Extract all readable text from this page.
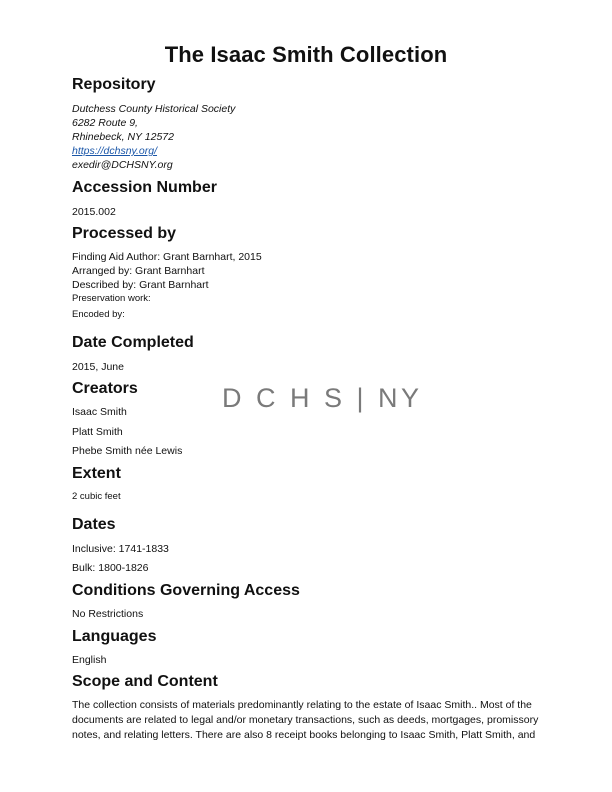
The Isaac Smith Collection
Repository
Dutchess County Historical Society
6282 Route 9,
Rhinebeck, NY 12572
https://dchsny.org/
exedir@DCHSNY.org
Accession Number
2015.002
Processed by
Finding Aid Author: Grant Barnhart, 2015
Arranged by: Grant Barnhart
Described by: Grant Barnhart
Preservation work:
Encoded by:
Date Completed
2015, June
Creators
Isaac Smith
Platt Smith
Phebe Smith née Lewis
D C H S | NY
Extent
2 cubic feet
Dates
Inclusive: 1741-1833
Bulk: 1800-1826
Conditions Governing Access
No Restrictions
Languages
English
Scope and Content
The collection consists of materials predominantly relating to the estate of Isaac Smith.. Most of the documents are related to legal and/or monetary transactions, such as deeds, mortgages, promissory notes, and relating letters. There are also 8 receipt books belonging to Isaac Smith, Platt Smith, and
